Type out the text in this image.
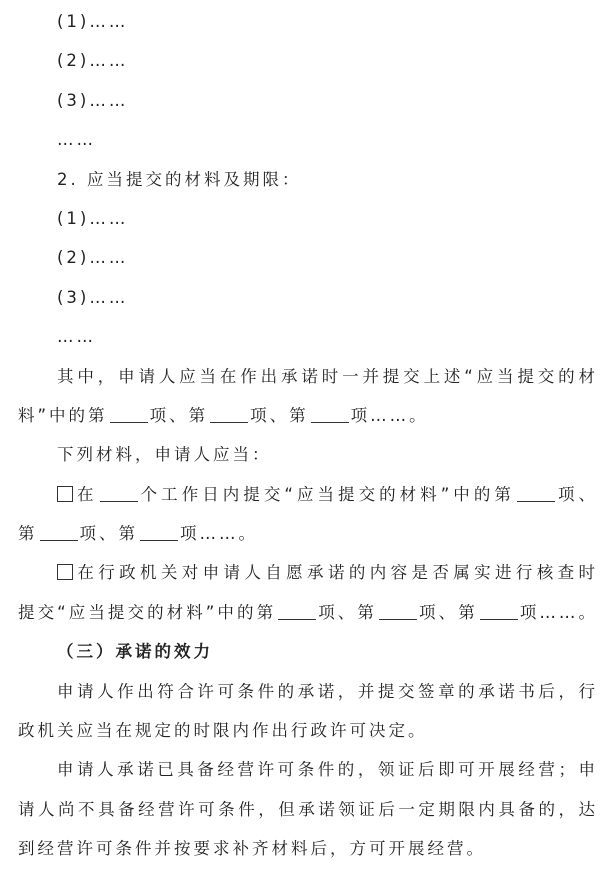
(1)……
(2)……
(3)……
……
2. 应当提交的材料及期限：
(1)……
(2)……
(3)……
……
其中，申请人应当在作出承诺时一并提交上述“应当提交的材
料”中的第	项、第	项、第	项……。
下列材料，申请人应当：
在	个工作日内提交“应当提交的材料”中的第	项、
第	项、第	项……。
在行政机关对申请人自愿承诺的内容是否属实进行核查时
提交“应当提交的材料”中的第	项、第	项、第	项……。
（三）承诺的效力
申请人作出符合许可条件的承诺，并提交签章的承诺书后，行
政机关应当在规定的时限内作出行政许可决定。
申请人承诺已具备经营许可条件的，领证后即可开展经营；申
请人尚不具备经营许可条件，但承诺领证后一定期限内具备的，达
到经营许可条件并按要求补齐材料后，方可开展经营。
